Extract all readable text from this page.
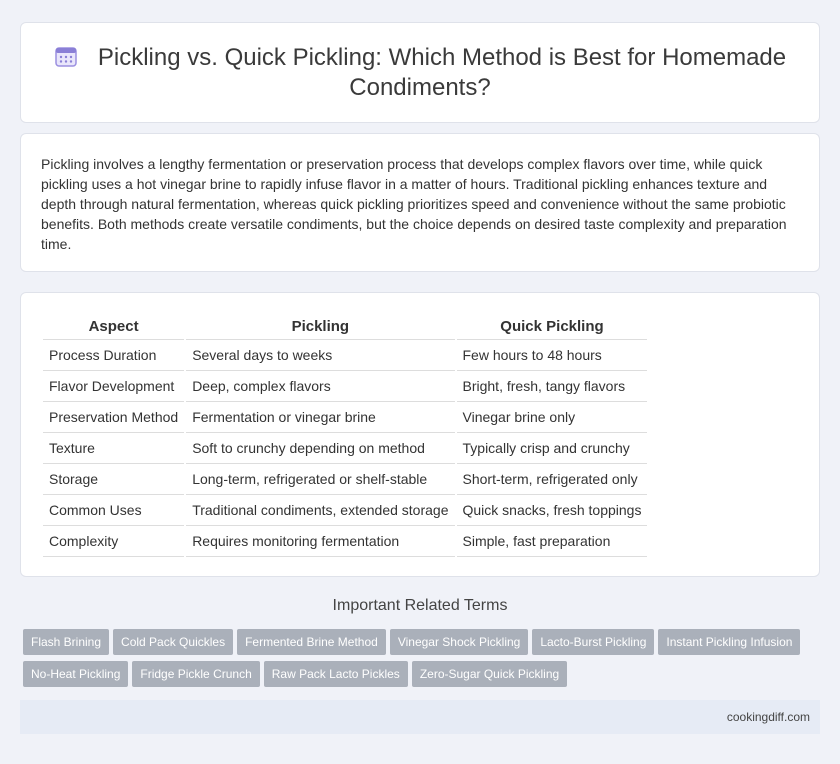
Pickling vs. Quick Pickling: Which Method is Best for Homemade Condiments?

Pickling involves a lengthy fermentation or preservation process that develops complex flavors over time, while quick pickling uses a hot vinegar brine to rapidly infuse flavor in a matter of hours. Traditional pickling enhances texture and depth through natural fermentation, whereas quick pickling prioritizes speed and convenience without the same probiotic benefits. Both methods create versatile condiments, but the choice depends on desired taste complexity and preparation time.

Aspect	Pickling	Quick Pickling
Process Duration	Several days to weeks	Few hours to 48 hours
Flavor Development	Deep, complex flavors	Bright, fresh, tangy flavors
Preservation Method	Fermentation or vinegar brine	Vinegar brine only
Texture	Soft to crunchy depending on method	Typically crisp and crunchy
Storage	Long-term, refrigerated or shelf-stable	Short-term, refrigerated only
Common Uses	Traditional condiments, extended storage	Quick snacks, fresh toppings
Complexity	Requires monitoring fermentation	Simple, fast preparation
Important Related Terms
Flash Brining Cold Pack Quickles Fermented Brine Method Vinegar Shock Pickling Lacto-Burst Pickling Instant Pickling Infusion
No-Heat Pickling Fridge Pickle Crunch Raw Pack Lacto Pickles Zero-Sugar Quick Pickling
cookingdiff.com
